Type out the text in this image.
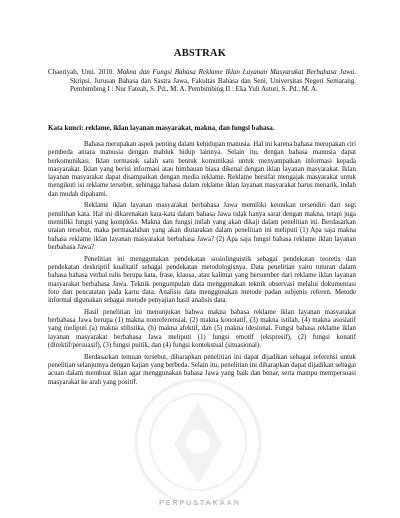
ABSTRAK

Chaeriyah, Umi. 2010. Makna dan Fungsi Bahasa Reklame Iklan Layanan Masyarakat Berbahasa Jawa. Skripsi. Jurusan Bahasa dan Sastra Jawa, Fakultas Bahasa dan Seni, Universitas Negeri Semarang. Pembimbing I : Nur Fateah, S. Pd., M. A. Pembimbing II : Eka Yuli Astuti, S. Pd., M. A.

Kata kunci: reklame, iklan layanan masyarakat, makna, dan fungsi bahasa.

Bahasa merupakan aspek penting dalam kehidupan manusia. Hal ini karena bahasa merupakan ciri pembeda antara manusia dengan mahluk hidup lainnya. Selain itu, dengan bahasa manusia dapat berkomunikasi. Iklan termasuk salah satu bentuk komunikasi untuk menyampaikan informasi kepada masyarakat. Iklan yang berisi informasi atau himbauan biasa dikenal dengan iklan layanan masyarakat. Iklan layanan masyarakat dapat disampaikan dengan media reklame. Reklame bersifat mengajak masyarakat untuk mengikuti isi reklame tersebut, sehingga bahasa dalam reklame iklan layanan masyarakat harus menarik, indah dan mudah dipahami.

Reklame iklan layanan masyarakat berbahasa Jawa memiliki keunikan tersendiri dari segi pemilihan kata. Hal ini dikarenakan kata-kata dalam bahasa Jawa tidak hanya sarat dengan makna, tetapi juga memiliki fungsi yang kompleks. Makna dan fungsi inilah yang akan dikaji dalam penelitian ini. Berdasarkan uraian tersebut, maka permasalahan yang akan diutarakan dalam penelitian ini meliputi (1) Apa saja makna bahasa reklame iklan layanan masyarakat berbahasa Jawa? (2) Apa saja fungsi bahasa reklame iklan layanan berbahasa Jawa?

Penelitian ini menggunakan pendekatan sosiolinguistik sebagai pendekatan teoretis dan pendekatan deskriptif kualitatif sebagai pendekatan metodologisnya. Data penelitian yaitu tuturan dalam bahasa bahasa verbal tulis berupa kata, frase, klausa, atau kalimat yang bersumber dari reklame iklan layanan masyarakat berbahasa Jawa. Teknik pengumpulan data menggunakan teknik observasi melalui dokumentasi foto dan pencatatan pada kartu data. Analisis data menggunakan metode padan subjenis referen. Metode informal digunakan sebagai metode penyajian hasil analisis data.

Hasil penelitian ini menunjukan bahwa makna bahasa reklame iklan layanan masyarakat berbahasa Jawa berupa (1) makna nonreferensial, (2) makna konotatif, (3) makna istilah, (4) makna asosiatif yang meliputi (a) makna stilistika, (b) makna afektif, dan (5) makna idesional. Fungsi bahasa reklame iklan layanan masyarakat berbahasa Jawa meliputi (1) fungsi emotif (ekspresif), (2) fungsi konatif (direktif/persuasif), (3) fungsi puitik, dan (4) fungsi kontekstual (situasional).

Berdasarkan temuan tersebut, diharapkan penelitian ini dapat dijadikan sebagai referensi untuk penelitian selanjutnya dengan kajian yang berbeda. Selain itu, penelitian ini diharapkan dapat dijadikan sebagai acuan dalam membuat iklan agar menggunakan bahasa Jawa yang baik dan benar, serta mampu mempersuasi masyarakat ke arah yang positif.

PERPUSTAKAAN
